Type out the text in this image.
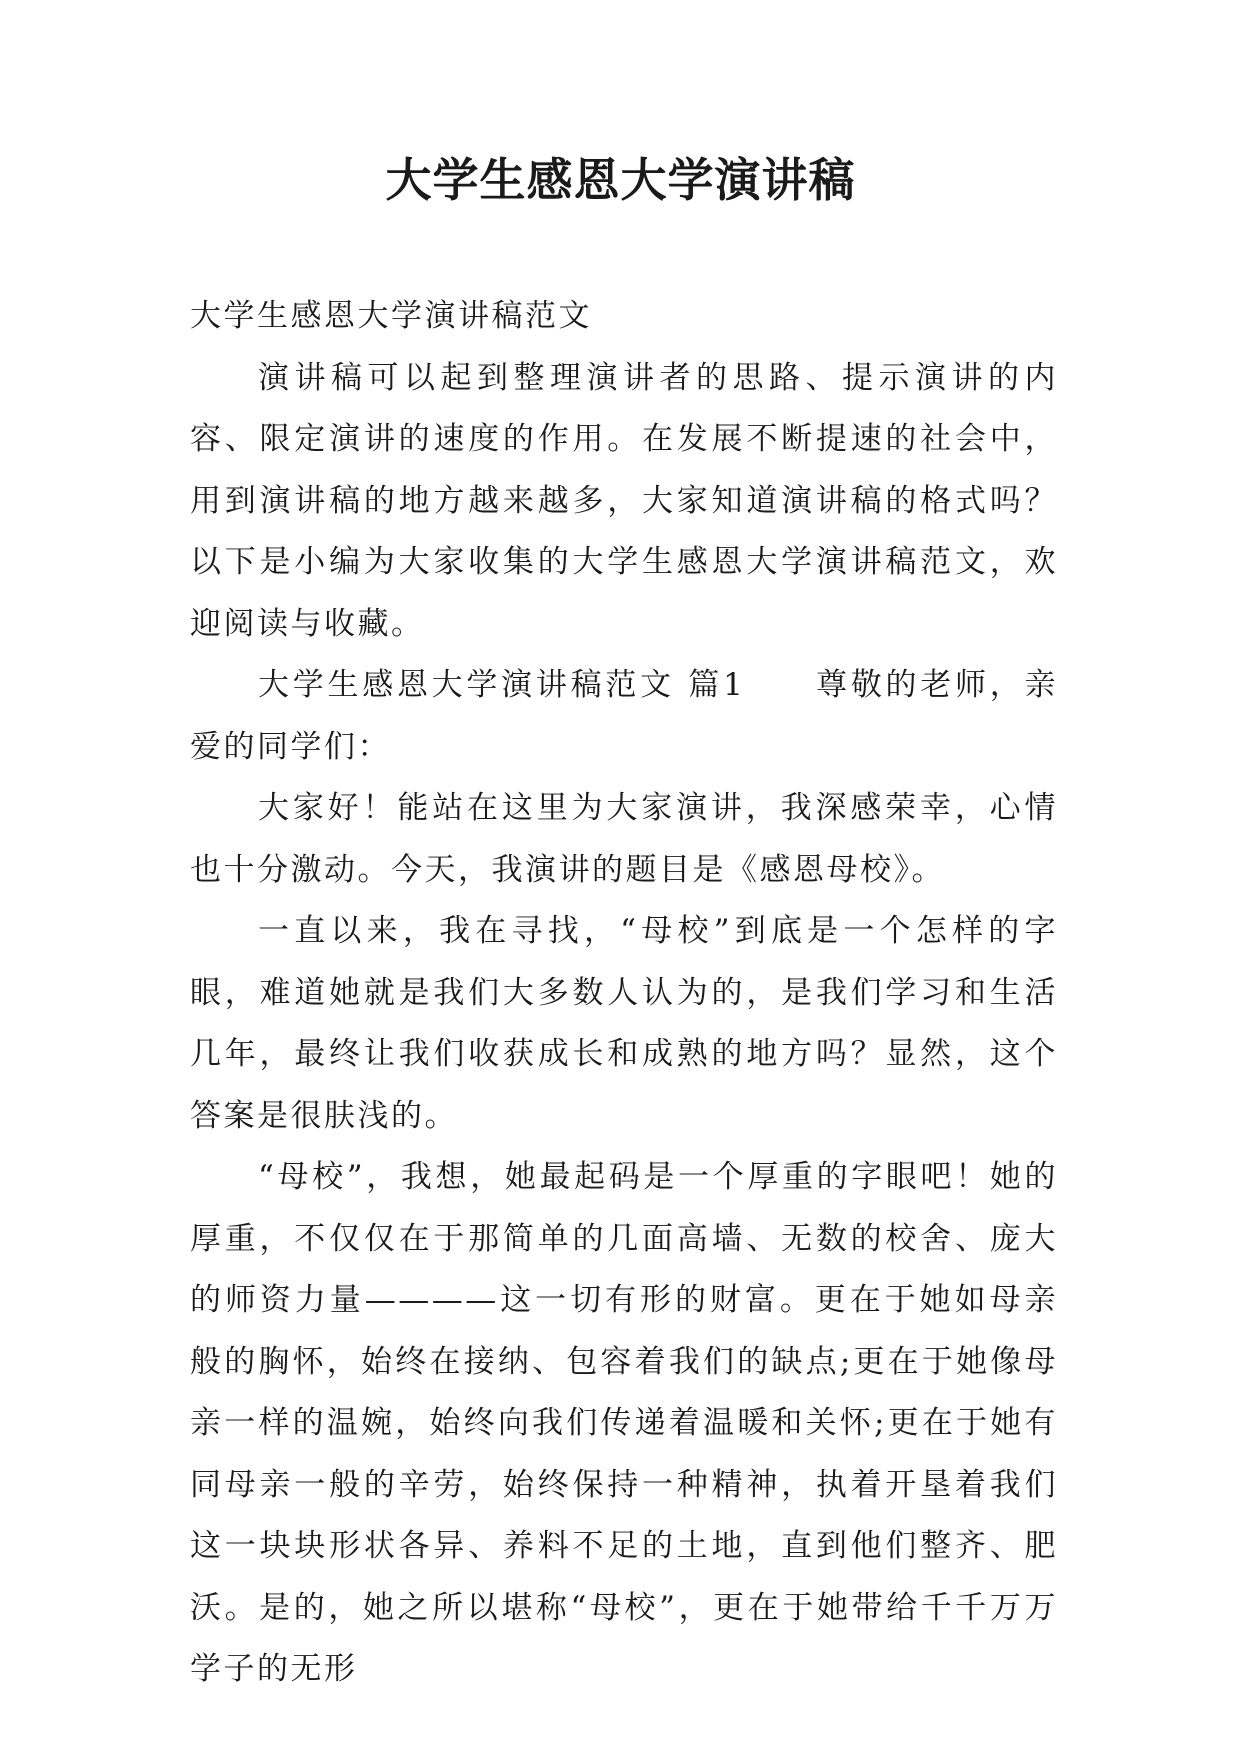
大学生感恩大学演讲稿

大学生感恩大学演讲稿范文

演讲稿可以起到整理演讲者的思路、提示演讲的内容、限定演讲的速度的作用。在发展不断提速的社会中，用到演讲稿的地方越来越多，大家知道演讲稿的格式吗？以下是小编为大家收集的大学生感恩大学演讲稿范文，欢迎阅读与收藏。

大学生感恩大学演讲稿范文 篇1　　尊敬的老师，亲爱的同学们：

大家好！能站在这里为大家演讲，我深感荣幸，心情也十分激动。今天，我演讲的题目是《感恩母校》。

一直以来，我在寻找，“母校”到底是一个怎样的字眼，难道她就是我们大多数人认为的，是我们学习和生活几年，最终让我们收获成长和成熟的地方吗？显然，这个答案是很肤浅的。

“母校”，我想，她最起码是一个厚重的字眼吧！她的厚重，不仅仅在于那简单的几面高墙、无数的校舍、庞大的师资力量————这一切有形的财富。更在于她如母亲般的胸怀，始终在接纳、包容着我们的缺点;更在于她像母亲一样的温婉，始终向我们传递着温暖和关怀;更在于她有同母亲一般的辛劳，始终保持一种精神，执着开垦着我们这一块块形状各异、养料不足的土地，直到他们整齐、肥沃。是的，她之所以堪称“母校”，更在于她带给千千万万学子的无形
